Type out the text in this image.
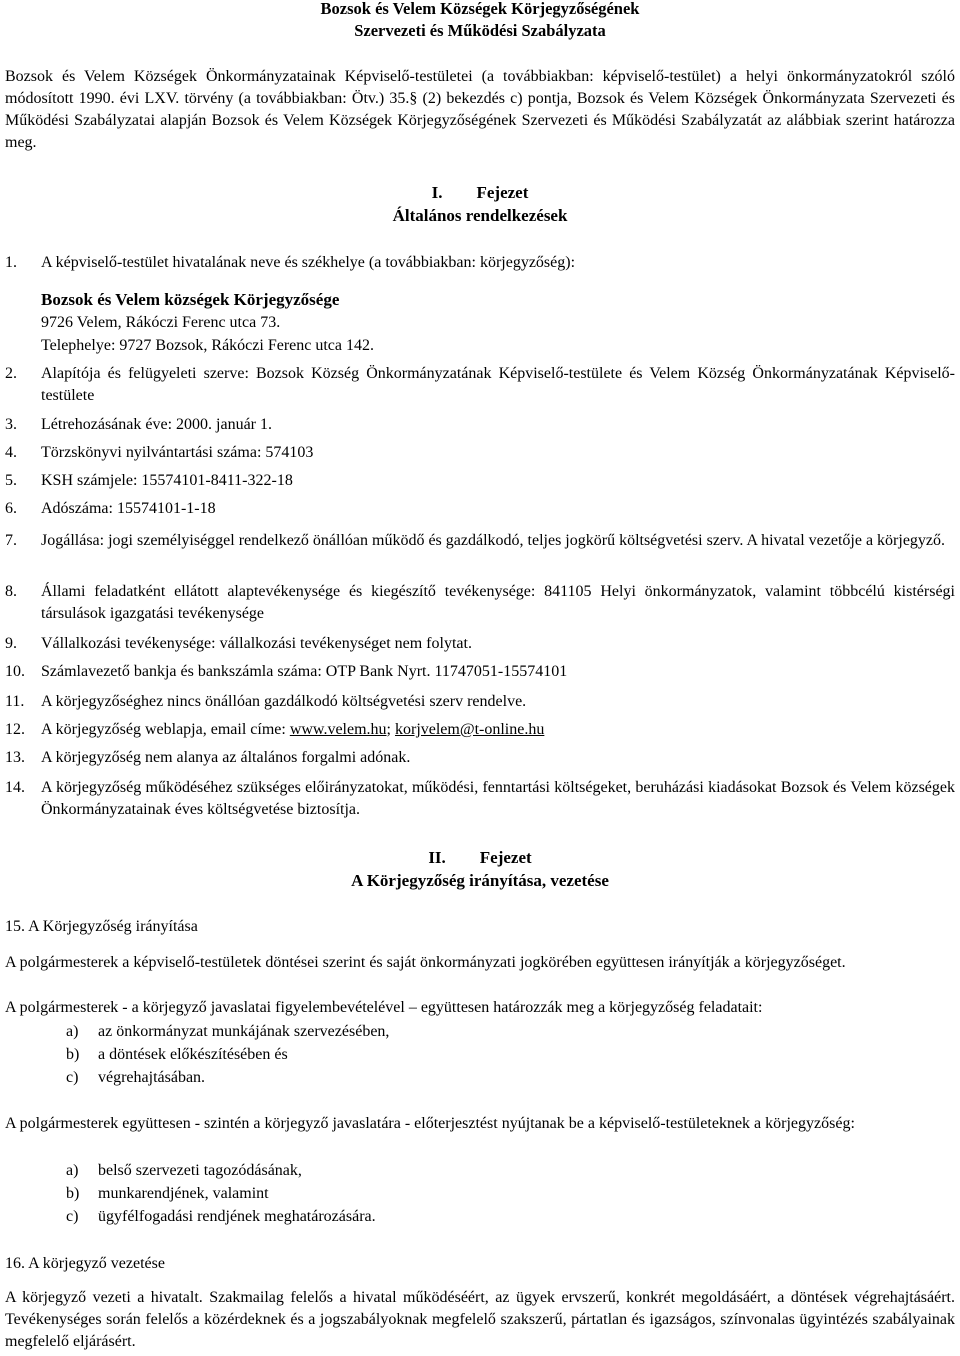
Bozsok és Velem Községek Körjegyzőségének
Szervezeti és Működési Szabályzata
Bozsok és Velem Községek Önkormányzatainak Képviselő-testületei (a továbbiakban: képviselő-testület) a helyi önkormányzatokról szóló módosított 1990. évi LXV. törvény (a továbbiakban: Ötv.) 35.§ (2) bekezdés c) pontja, Bozsok és Velem Községek Önkormányzata Szervezeti és Működési Szabályzatai alapján Bozsok és Velem Községek Körjegyzőségének Szervezeti és Működési Szabályzatát az alábbiak szerint határozza meg.
I. Fejezet
Általános rendelkezések
1.	A képviselő-testület hivatalának neve és székhelye (a továbbiakban: körjegyzőség):
Bozsok és Velem községek Körjegyzősége
9726 Velem, Rákóczi Ferenc utca 73.
Telephelye: 9727 Bozsok, Rákóczi Ferenc utca 142.
2.	Alapítója és felügyeleti szerve: Bozsok Község Önkormányzatának Képviselő-testülete és Velem Község Önkormányzatának Képviselő-testülete
3.	Létrehozásának éve: 2000. január 1.
4.	Törzskönyvi nyilvántartási száma: 574103
5.	KSH számjele: 15574101-8411-322-18
6.	Adószáma: 15574101-1-18
7.	Jogállása: jogi személyiséggel rendelkező önállóan működő és gazdálkodó, teljes jogkörű költségvetési szerv. A hivatal vezetője a körjegyző.
8.	Állami feladatként ellátott alaptevékenysége és kiegészítő tevékenysége: 841105 Helyi önkormányzatok, valamint többcélú kistérségi társulások igazgatási tevékenysége
9.	Vállalkozási tevékenysége: vállalkozási tevékenységet nem folytat.
10.	Számlavezető bankja és bankszámla száma: OTP Bank Nyrt. 11747051-15574101
11.	A körjegyzőséghez nincs önállóan gazdálkodó költségvetési szerv rendelve.
12.	A körjegyzőség weblapja, email címe: www.velem.hu; korjvelem@t-online.hu
13.	A körjegyzőség nem alanya az általános forgalmi adónak.
14.	A körjegyzőség működéséhez szükséges előirányzatokat, működési, fenntartási költségeket, beruházási kiadásokat Bozsok és Velem községek Önkormányzatainak éves költségvetése biztosítja.
II. Fejezet
A Körjegyzőség irányítása, vezetése
15. A Körjegyzőség irányítása
A polgármesterek a képviselő-testületek döntései szerint és saját önkormányzati jogkörében együttesen irányítják a körjegyzőséget.
A polgármesterek - a körjegyző javaslatai figyelembevételével – együttesen határozzák meg a körjegyzőség feladatait:
a) az önkormányzat munkájának szervezésében,
b) a döntések előkészítésében és
c) végrehajtásában.
A polgármesterek együttesen - szintén a körjegyző javaslatára - előterjesztést nyújtanak be a képviselő-testületeknek a körjegyzőség:
a) belső szervezeti tagozódásának,
b) munkarendjének, valamint
c) ügyfélfogadási rendjének meghatározására.
16. A körjegyző vezetése
A körjegyző vezeti a hivatalt. Szakmailag felelős a hivatal működéséért, az ügyek ervszerű, konkrét megoldásáért, a döntések végrehajtásáért. Tevékenységes során felelős a közérdeknek és a jogszabályoknak megfelelő szakszerű, pártatlan és igazságos, színvonalas ügyintézés szabályainak megfelelő eljárásért.
